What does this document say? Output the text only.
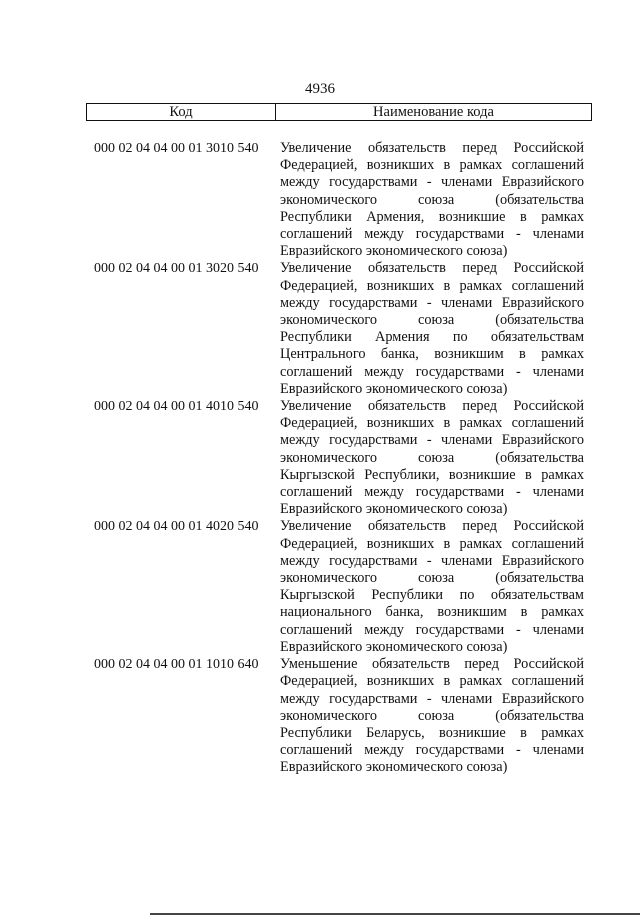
4936
Код	Наименование кода
000 02 04 04 00 01 3010 540	Увеличение обязательств перед Российской
Федерацией, возникших в рамках соглашений
между государствами - членами Евразийского
экономического союза (обязательства
Республики Армения, возникшие в рамках
соглашений между государствами - членами
Евразийского экономического союза)
000 02 04 04 00 01 3020 540	Увеличение обязательств перед Российской
Федерацией, возникших в рамках соглашений
между государствами - членами Евразийского
экономического союза (обязательства
Республики Армения по обязательствам
Центрального банка, возникшим в рамках
соглашений между государствами - членами
Евразийского экономического союза)
000 02 04 04 00 01 4010 540	Увеличение обязательств перед Российской
Федерацией, возникших в рамках соглашений
между государствами - членами Евразийского
экономического союза (обязательства
Кыргызской Республики, возникшие в рамках
соглашений между государствами - членами
Евразийского экономического союза)
000 02 04 04 00 01 4020 540	Увеличение обязательств перед Российской
Федерацией, возникших в рамках соглашений
между государствами - членами Евразийского
экономического союза (обязательства
Кыргызской Республики по обязательствам
национального банка, возникшим в рамках
соглашений между государствами - членами
Евразийского экономического союза)
000 02 04 04 00 01 1010 640	Уменьшение обязательств перед Российской
Федерацией, возникших в рамках соглашений
между государствами - членами Евразийского
экономического союза (обязательства
Республики Беларусь, возникшие в рамках
соглашений между государствами - членами
Евразийского экономического союза)
